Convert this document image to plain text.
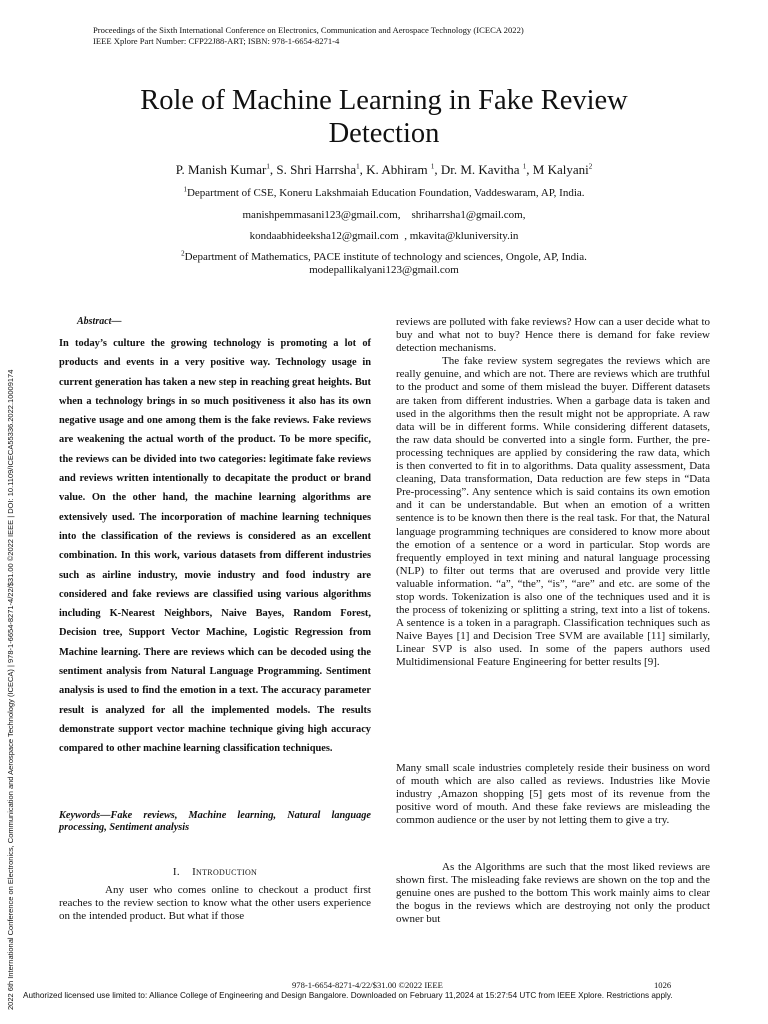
Proceedings of the Sixth International Conference on Electronics, Communication and Aerospace Technology (ICECA 2022)
IEEE Xplore Part Number: CFP22J88-ART; ISBN: 978-1-6654-8271-4
Role of Machine Learning in Fake Review
Detection
P. Manish Kumar$^1$, S. Shri Harrsha$^1$, K. Abhiram $^1$, Dr. M. Kavitha $^1$, M Kalyani$^2$
$^1$Department of CSE, Koneru Lakshmaiah Education Foundation, Vaddeswaram, AP, India.
manishpemmasani123@gmail.com,    shriharrsha1@gmail.com,
kondaabhideeksha12@gmail.com  , mkavita@kluniversity.in
$^2$Department of Mathematics, PACE institute of technology and sciences, Ongole, AP, India.
modepallikalyani123@gmail.com
2022 6th International Conference on Electronics, Communication and Aerospace Technology (ICECA) | 978-1-6654-8271-4/22/$31.00 ©2022 IEEE | DOI: 10.1109/ICECA55336.2022.10009174
Abstract—
In today’s culture the growing technology is promoting a lot of products and events in a very positive way. Technology usage in current generation has taken a new step in reaching great heights. But when a technology brings in so much positiveness it also has its own negative usage and one among them is the fake reviews. Fake reviews are weakening the actual worth of the product. To be more specific, the reviews can be divided into two categories: legitimate fake reviews and reviews written intentionally to decapitate the product or brand value. On the other hand, the machine learning algorithms are extensively used. The incorporation of machine learning techniques into the classification of the reviews is considered as an excellent combination. In this work, various datasets from different industries such as airline industry, movie industry and food industry are considered and fake reviews are classified using various algorithms including K-Nearest Neighbors, Naive Bayes, Random Forest, Decision tree, Support Vector Machine, Logistic Regression from Machine learning. There are reviews which can be decoded using the sentiment analysis from Natural Language Programming. Sentiment analysis is used to find the emotion in a text. The accuracy parameter result is analyzed for all the implemented models. The results demonstrate support vector machine technique giving high accuracy compared to other machine learning classification techniques.
Keywords—Fake reviews, Machine learning, Natural language processing, Sentiment analysis
I. Introduction
Any user who comes online to checkout a product first reaches to the review section to know what the other users experience on the intended product. But what if those

reviews are polluted with fake reviews? How can a user decide what to buy and what not to buy? Hence there is demand for fake review detection mechanisms.

The fake review system segregates the reviews which are really genuine, and which are not. There are reviews which are truthful to the product and some of them mislead the buyer. Different datasets are taken from different industries. When a garbage data is taken and used in the algorithms then the result might not be appropriate. A raw data will be in different forms. While considering different datasets, the raw data should be converted into a single form. Further, the pre-processing techniques are applied by considering the raw data, which is then converted to fit in to algorithms. Data quality assessment, Data cleaning, Data transformation, Data reduction are few steps in “Data Pre-processing”. Any sentence which is said contains its own emotion and it can be understandable. But when an emotion of a written sentence is to be known then there is the real task. For that, the Natural language programming techniques are considered to know more about the emotion of a sentence or a word in particular. Stop words are frequently employed in text mining and natural language processing (NLP) to filter out terms that are overused and provide very little valuable information. “a”, “the”, “is”, “are” and etc. are some of the stop words. Tokenization is also one of the techniques used and it is the process of tokenizing or splitting a string, text into a list of tokens. A sentence is a token in a paragraph. Classification techniques such as Naive Bayes [1] and Decision Tree SVM are available [11] similarly, Linear SVP is also used. In some of the papers authors used Multidimensional Feature Engineering for better results [9].

Many small scale industries completely reside their business on word of mouth which are also called as reviews. Industries like Movie industry ,Amazon shopping [5] gets most of its revenue from the positive word of mouth. And these fake reviews are misleading the common audience or the user by not letting them to give a try.

As the Algorithms are such that the most liked reviews are shown first. The misleading fake reviews are shown on the top and the genuine ones are pushed to the bottom This work mainly aims to clear the bogus in the reviews which are destroying not only the product owner but

978-1-6654-8271-4/22/$31.00 ©2022 IEEE	1026
Authorized licensed use limited to: Alliance College of Engineering and Design Bangalore. Downloaded on February 11,2024 at 15:27:54 UTC from IEEE Xplore. Restrictions apply.
